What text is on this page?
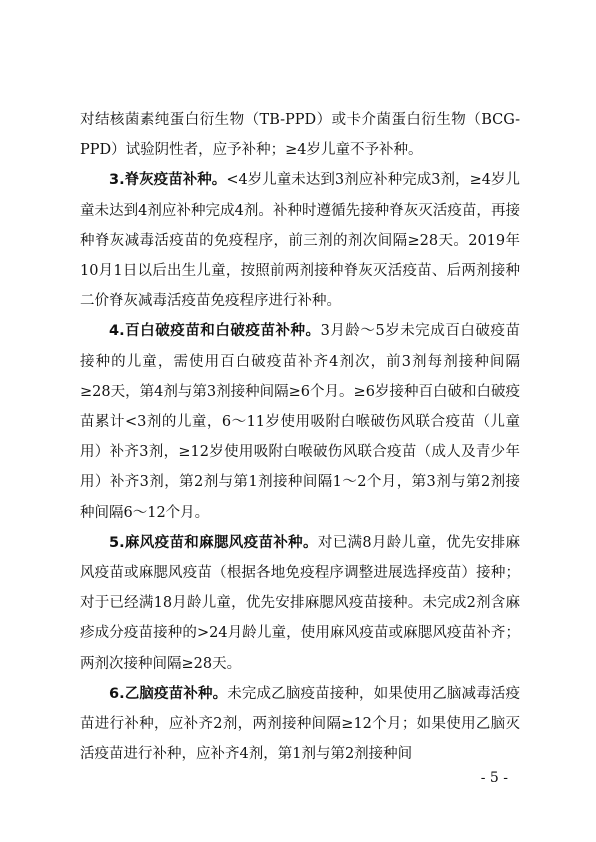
对结核菌素纯蛋白衍生物（TB-PPD）或卡介菌蛋白衍生物（BCG-PPD）试验阴性者，应予补种；≥4岁儿童不予补种。

3.脊灰疫苗补种。<4岁儿童未达到3剂应补种完成3剂，≥4岁儿童未达到4剂应补种完成4剂。补种时遵循先接种脊灰灭活疫苗，再接种脊灰减毒活疫苗的免疫程序，前三剂的剂次间隔≥28天。2019年10月1日以后出生儿童，按照前两剂接种脊灰灭活疫苗、后两剂接种二价脊灰减毒活疫苗免疫程序进行补种。

4.百白破疫苗和白破疫苗补种。3月龄～5岁未完成百白破疫苗接种的儿童，需使用百白破疫苗补齐4剂次，前3剂每剂接种间隔≥28天，第4剂与第3剂接种间隔≥6个月。≥6岁接种百白破和白破疫苗累计<3剂的儿童，6～11岁使用吸附白喉破伤风联合疫苗（儿童用）补齐3剂，≥12岁使用吸附白喉破伤风联合疫苗（成人及青少年用）补齐3剂，第2剂与第1剂接种间隔1～2个月，第3剂与第2剂接种间隔6～12个月。

5.麻风疫苗和麻腮风疫苗补种。对已满8月龄儿童，优先安排麻风疫苗或麻腮风疫苗（根据各地免疫程序调整进展选择疫苗）接种；对于已经满18月龄儿童，优先安排麻腮风疫苗接种。未完成2剂含麻疹成分疫苗接种的>24月龄儿童，使用麻风疫苗或麻腮风疫苗补齐；两剂次接种间隔≥28天。

6.乙脑疫苗补种。未完成乙脑疫苗接种，如果使用乙脑减毒活疫苗进行补种，应补齐2剂，两剂接种间隔≥12个月；如果使用乙脑灭活疫苗进行补种，应补齐4剂，第1剂与第2剂接种间

- 5 -
